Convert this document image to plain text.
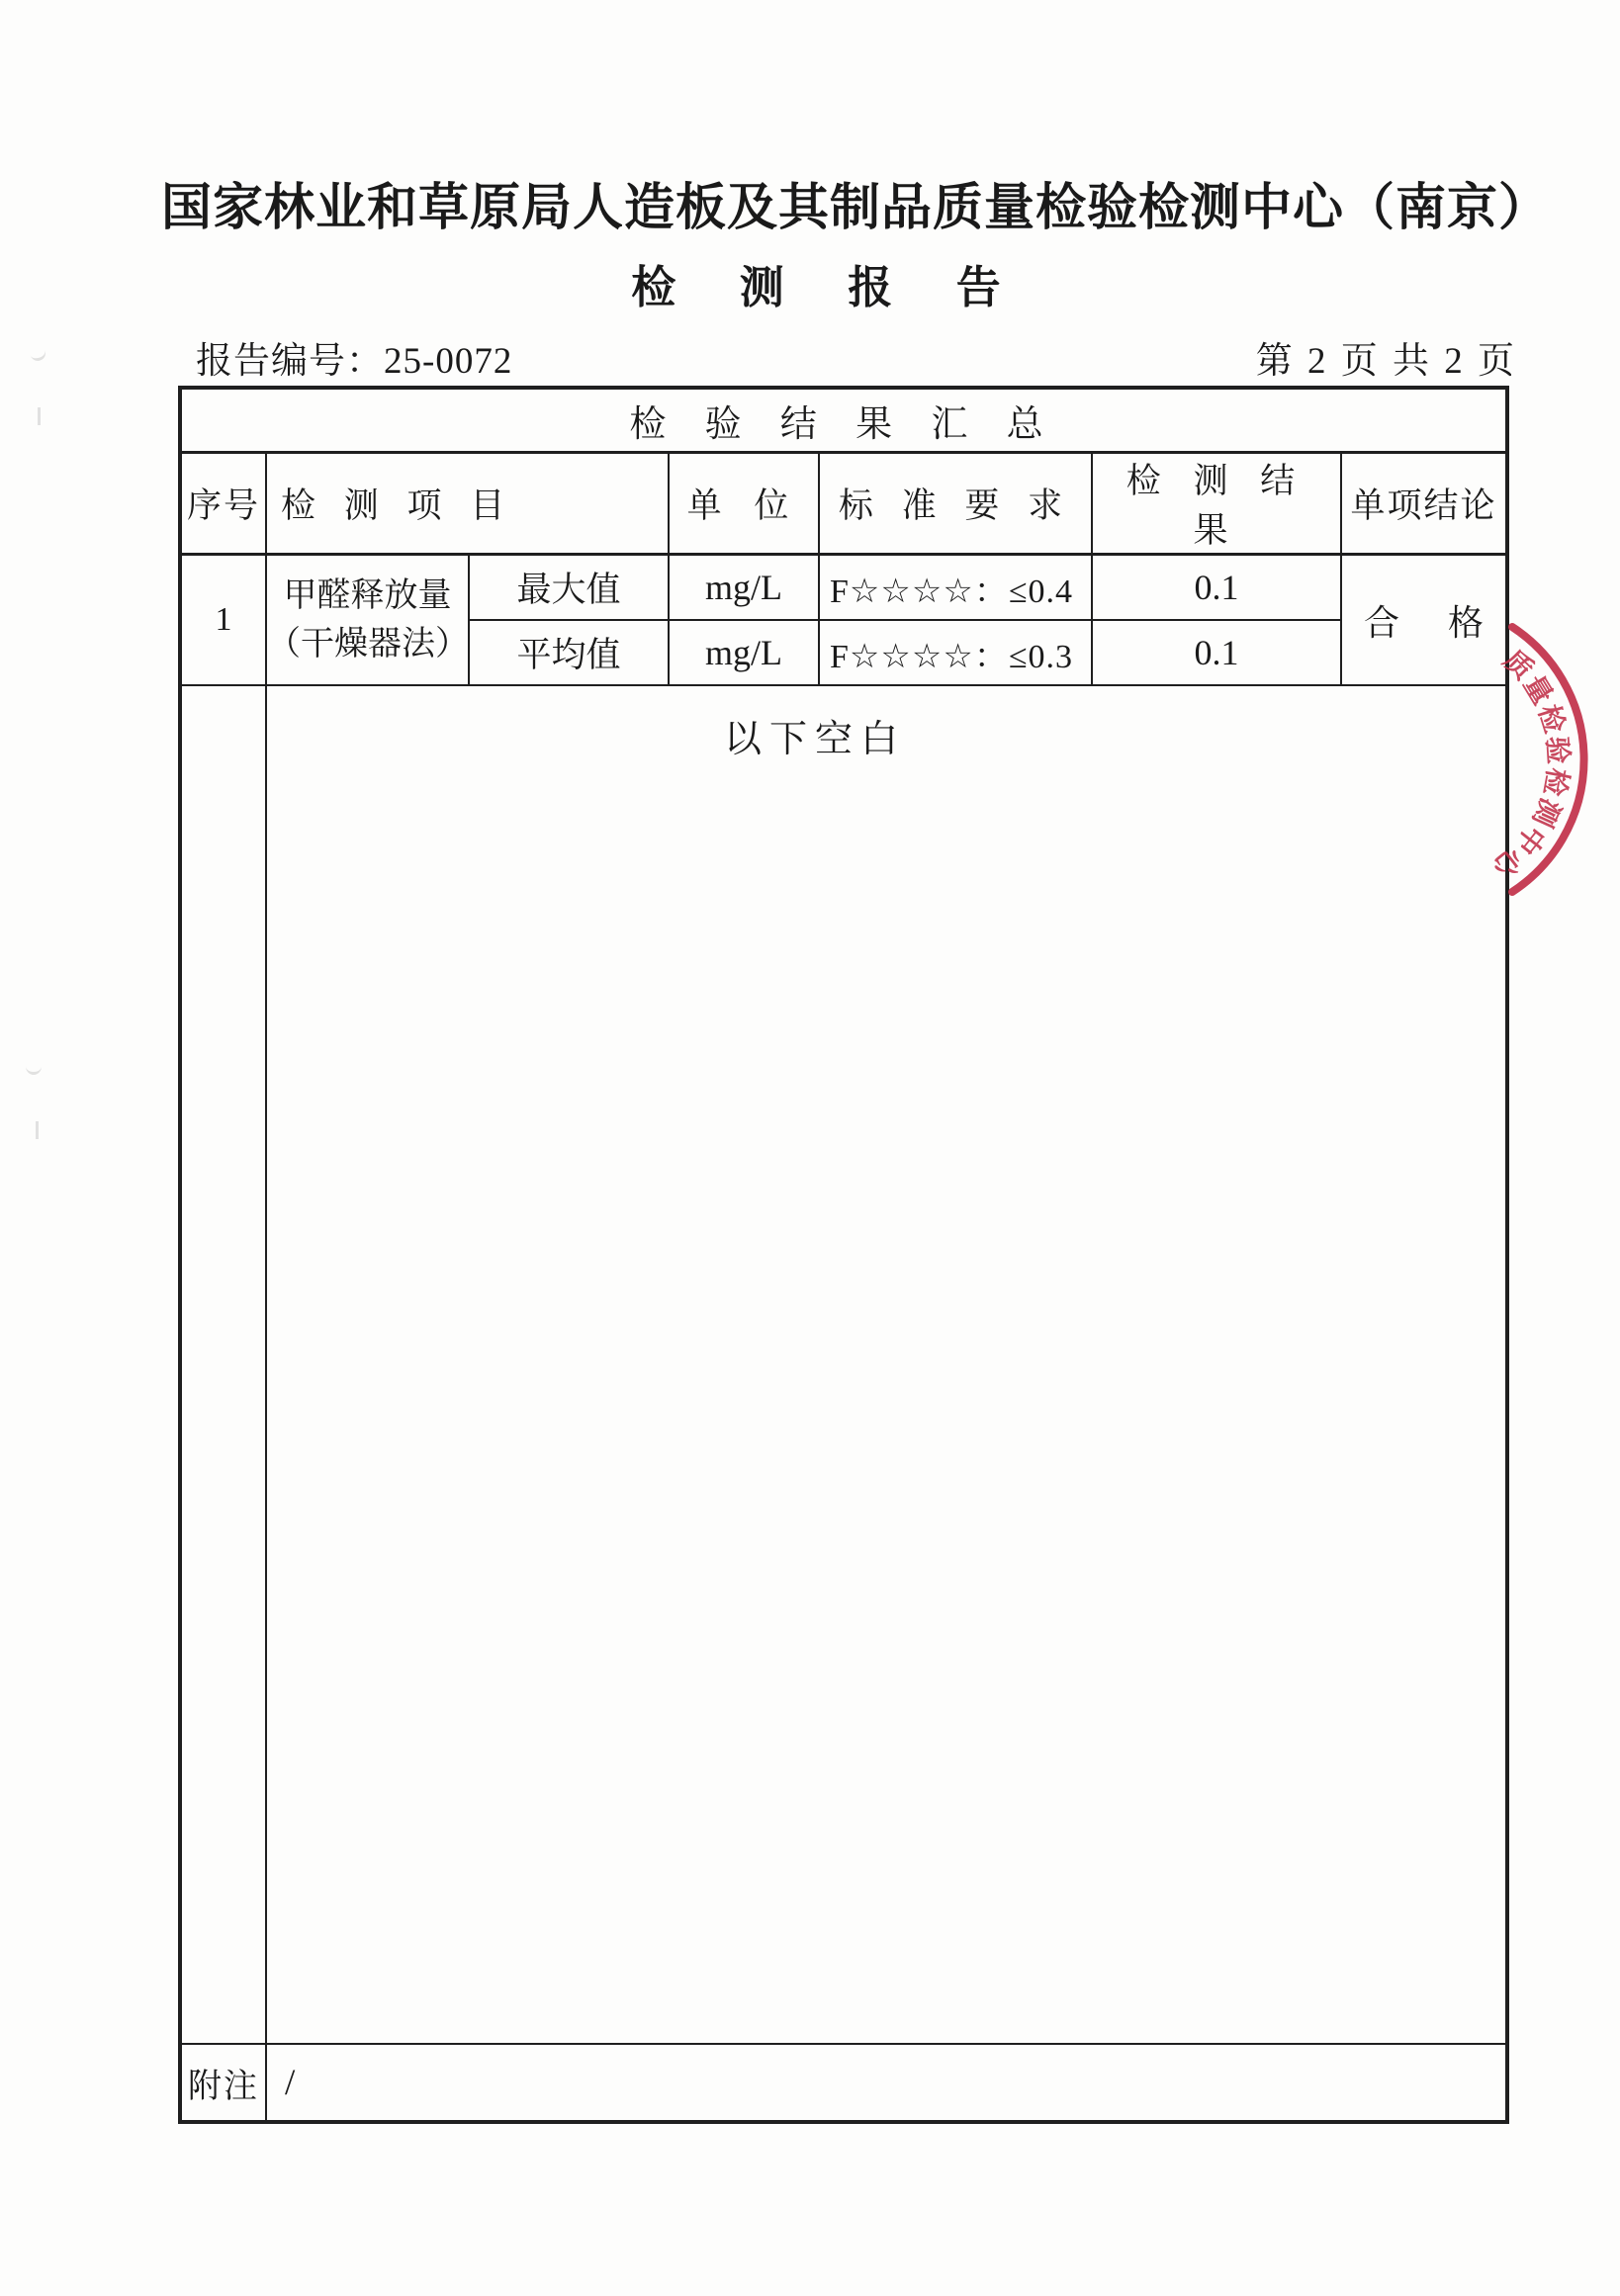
国家林业和草原局人造板及其制品质量检验检测中心（南京）
检 测 报 告
报告编号：25-0072	第 2 页 共 2 页
检 验 结 果 汇 总						
序号	检 测 项 目		单 位	标 准 要 求	检 测 结 果	单项结论
1	甲醛释放量
（干燥器法）	最大值	mg/L	F☆☆☆☆：≤0.4	0.1	合 格
		平均值	mg/L	F☆☆☆☆：≤0.3	0.1	

	以下空白					

附注	/					
质量检验检测中心
